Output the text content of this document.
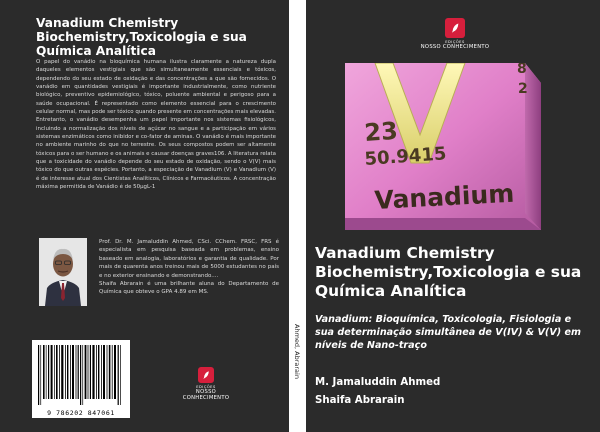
Vanadium Chemistry Biochemistry,Toxicologia e sua Química Analítica

O papel do vanádio na bioquímica humana ilustra claramente a natureza dupla daqueles elementos vestigiais que são simultaneamente essenciais e tóxicos, dependendo do seu estado de oxidação e das concentrações a que são fornecidos. O vanádio em quantidades vestigiais é importante industrialmente, como nutriente biológico, preventivo epidemiológico, tóxico, poluente ambiental e perigoso para a saúde ocupacional. É representado como elemento essencial para o crescimento celular normal, mas pode ser tóxico quando presente em concentrações mais elevadas. Entretanto, o vanádio desempenha um papel importante nos sistemas fisiológicos, incluindo a normalização dos níveis de açúcar no sangue e a participação em vários sistemas enzimáticos como inibidor e co-fator de aminas. O vanádio é mais importante no ambiente marinho do que no terrestre. Os seus compostos podem ser altamente tóxicos para o ser humano e os animais e causar doenças graves106. A literatura relata que a toxicidade do vanádio depende do seu estado de oxidação, sendo o V(V) mais tóxico do que outras espécies. Portanto, a especiação de Vanadium (V) e Vanadium (V) é de interesse atual dos Cientistas Analíticos, Clínicos e Farmacêuticos. A concentração máxima permitida de Vanádio é de 50µgL-1

Prof. Dr. M. Jamaluddin Ahmed, CSci. CChem. FRSC, FRS é especialista em pesquisa baseada em problemas, ensino baseado em analogia, laboratórios e garantia de qualidade. Por mais de quarenta anos treinou mais de 5000 estudantes no país e no exterior ensinando e demonstrando....

Shaifa Abrarain é uma brilhante aluna do Departamento de Química que obteve o GPA 4.89 em MS.

9 786202 847061
EDIÇÕES
NOSSO CONHECIMENTO
Ahmed, Abrarain
EDIÇÕES
NOSSO CONHECIMENTO
23
50.9415
8
2
Vanadium
Vanadium Chemistry Biochemistry,Toxicologia e sua Química Analítica

Vanadium: Bioquímica, Toxicologia, Fisiologia e sua determinação simultânea de V(IV) & V(V) em níveis de Nano-traço

M. Jamaluddin Ahmed
Shaifa Abrarain
